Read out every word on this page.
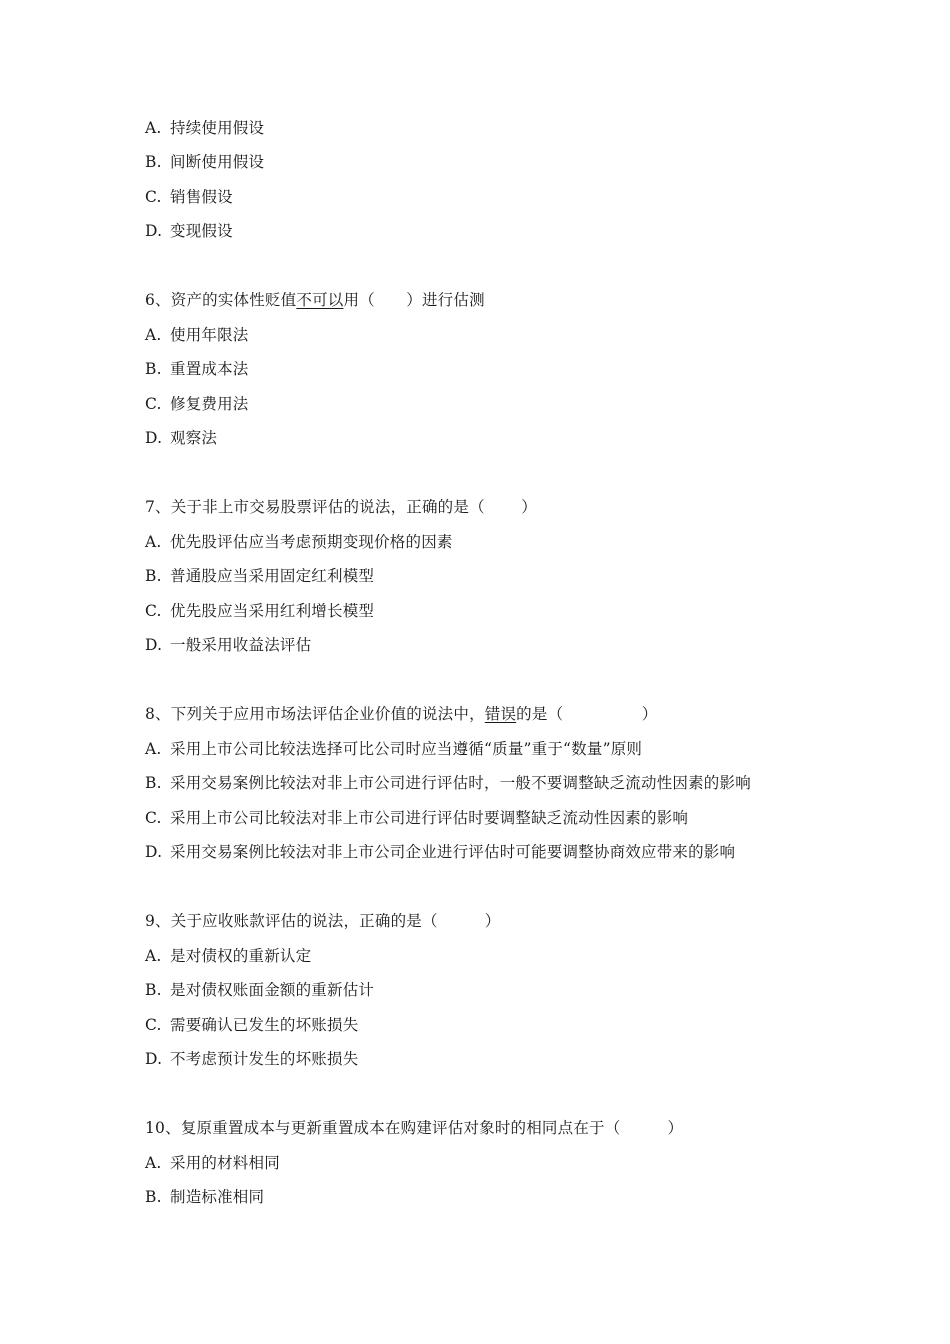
A. 持续使用假设
B. 间断使用假设
C. 销售假设
D. 变现假设
6、资产的实体性贬值不可以用（　　）进行估测
A. 使用年限法
B. 重置成本法
C. 修复费用法
D. 观察法
7、关于非上市交易股票评估的说法，正确的是（　　 ）
A. 优先股评估应当考虑预期变现价格的因素
B. 普通股应当采用固定红利模型
C. 优先股应当采用红利增长模型
D. 一般采用收益法评估
8、下列关于应用市场法评估企业价值的说法中，错误的是（　　　　　）
A. 采用上市公司比较法选择可比公司时应当遵循“质量”重于“数量”原则
B. 采用交易案例比较法对非上市公司进行评估时，一般不要调整缺乏流动性因素的影响
C. 采用上市公司比较法对非上市公司进行评估时要调整缺乏流动性因素的影响
D. 采用交易案例比较法对非上市公司企业进行评估时可能要调整协商效应带来的影响
9、关于应收账款评估的说法，正确的是（　　　）
A. 是对债权的重新认定
B. 是对债权账面金额的重新估计
C. 需要确认已发生的坏账损失
D. 不考虑预计发生的坏账损失
10、复原重置成本与更新重置成本在购建评估对象时的相同点在于（　　　）
A. 采用的材料相同
B. 制造标准相同
